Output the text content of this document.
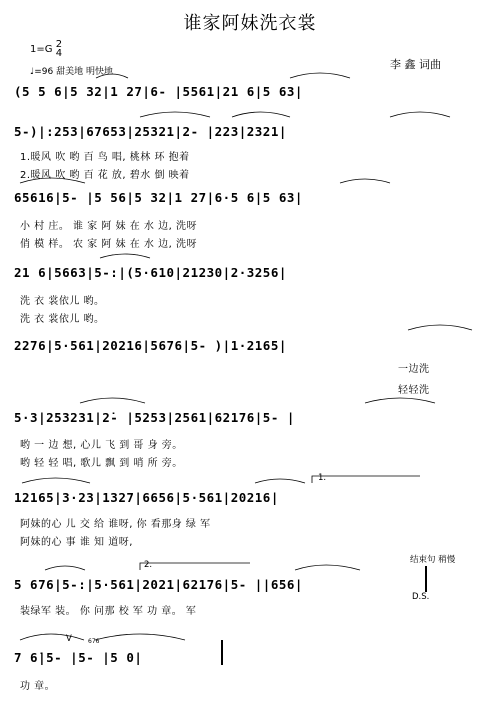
谁家阿妹洗衣裳
1=G 2
4
♩=96 甜美地 明快地
李 鑫 词曲
(5 5 6|5 32|1 27|6- |5561|21 6|5 63|
5-)|:253|67653|25321|2- |223|2321|
65616|5- |5 56|5 32|1 27|6·5 6|5 63|
21 6|5663|5-:|(5·610|21230|2·3256|
2276|5·561|20216|5676|5- )|1·2165|
5·3|253231|2̇- |5253|2561|62176|5- |
12165|3·23|1327|6656|5·561|20216|
5 676|5-:|5·561|2021|62176|5- ||656|
7 6̇|5- |5- |5 0|
1.暖风 吹 哟 百 鸟 唱, 桃林 环 抱着
2.暖风 吹 哟 百 花 放, 碧水 倒 映着
小 村 庄。 谁 家 阿 妹 在 水 边, 洗呀
俏 模 样。 农 家 阿 妹 在 水 边, 洗呀
洗 衣 裳依儿 哟。
洗 衣 裳依儿 哟。
一边洗
轻轻洗
哟 一 边 想, 心儿 飞 到 哥 身 旁。
哟 轻 轻 唱, 歌儿 飘 到 哨 所 旁。
阿妹的心 儿 交 给 谁呀, 你 看那身 绿 军
阿妹的心 事 谁 知 道呀,
装绿军 装。 你 问那 校 军 功 章。 军
功 章。
结束句 稍慢
D.S.
1.
2.
V	676
